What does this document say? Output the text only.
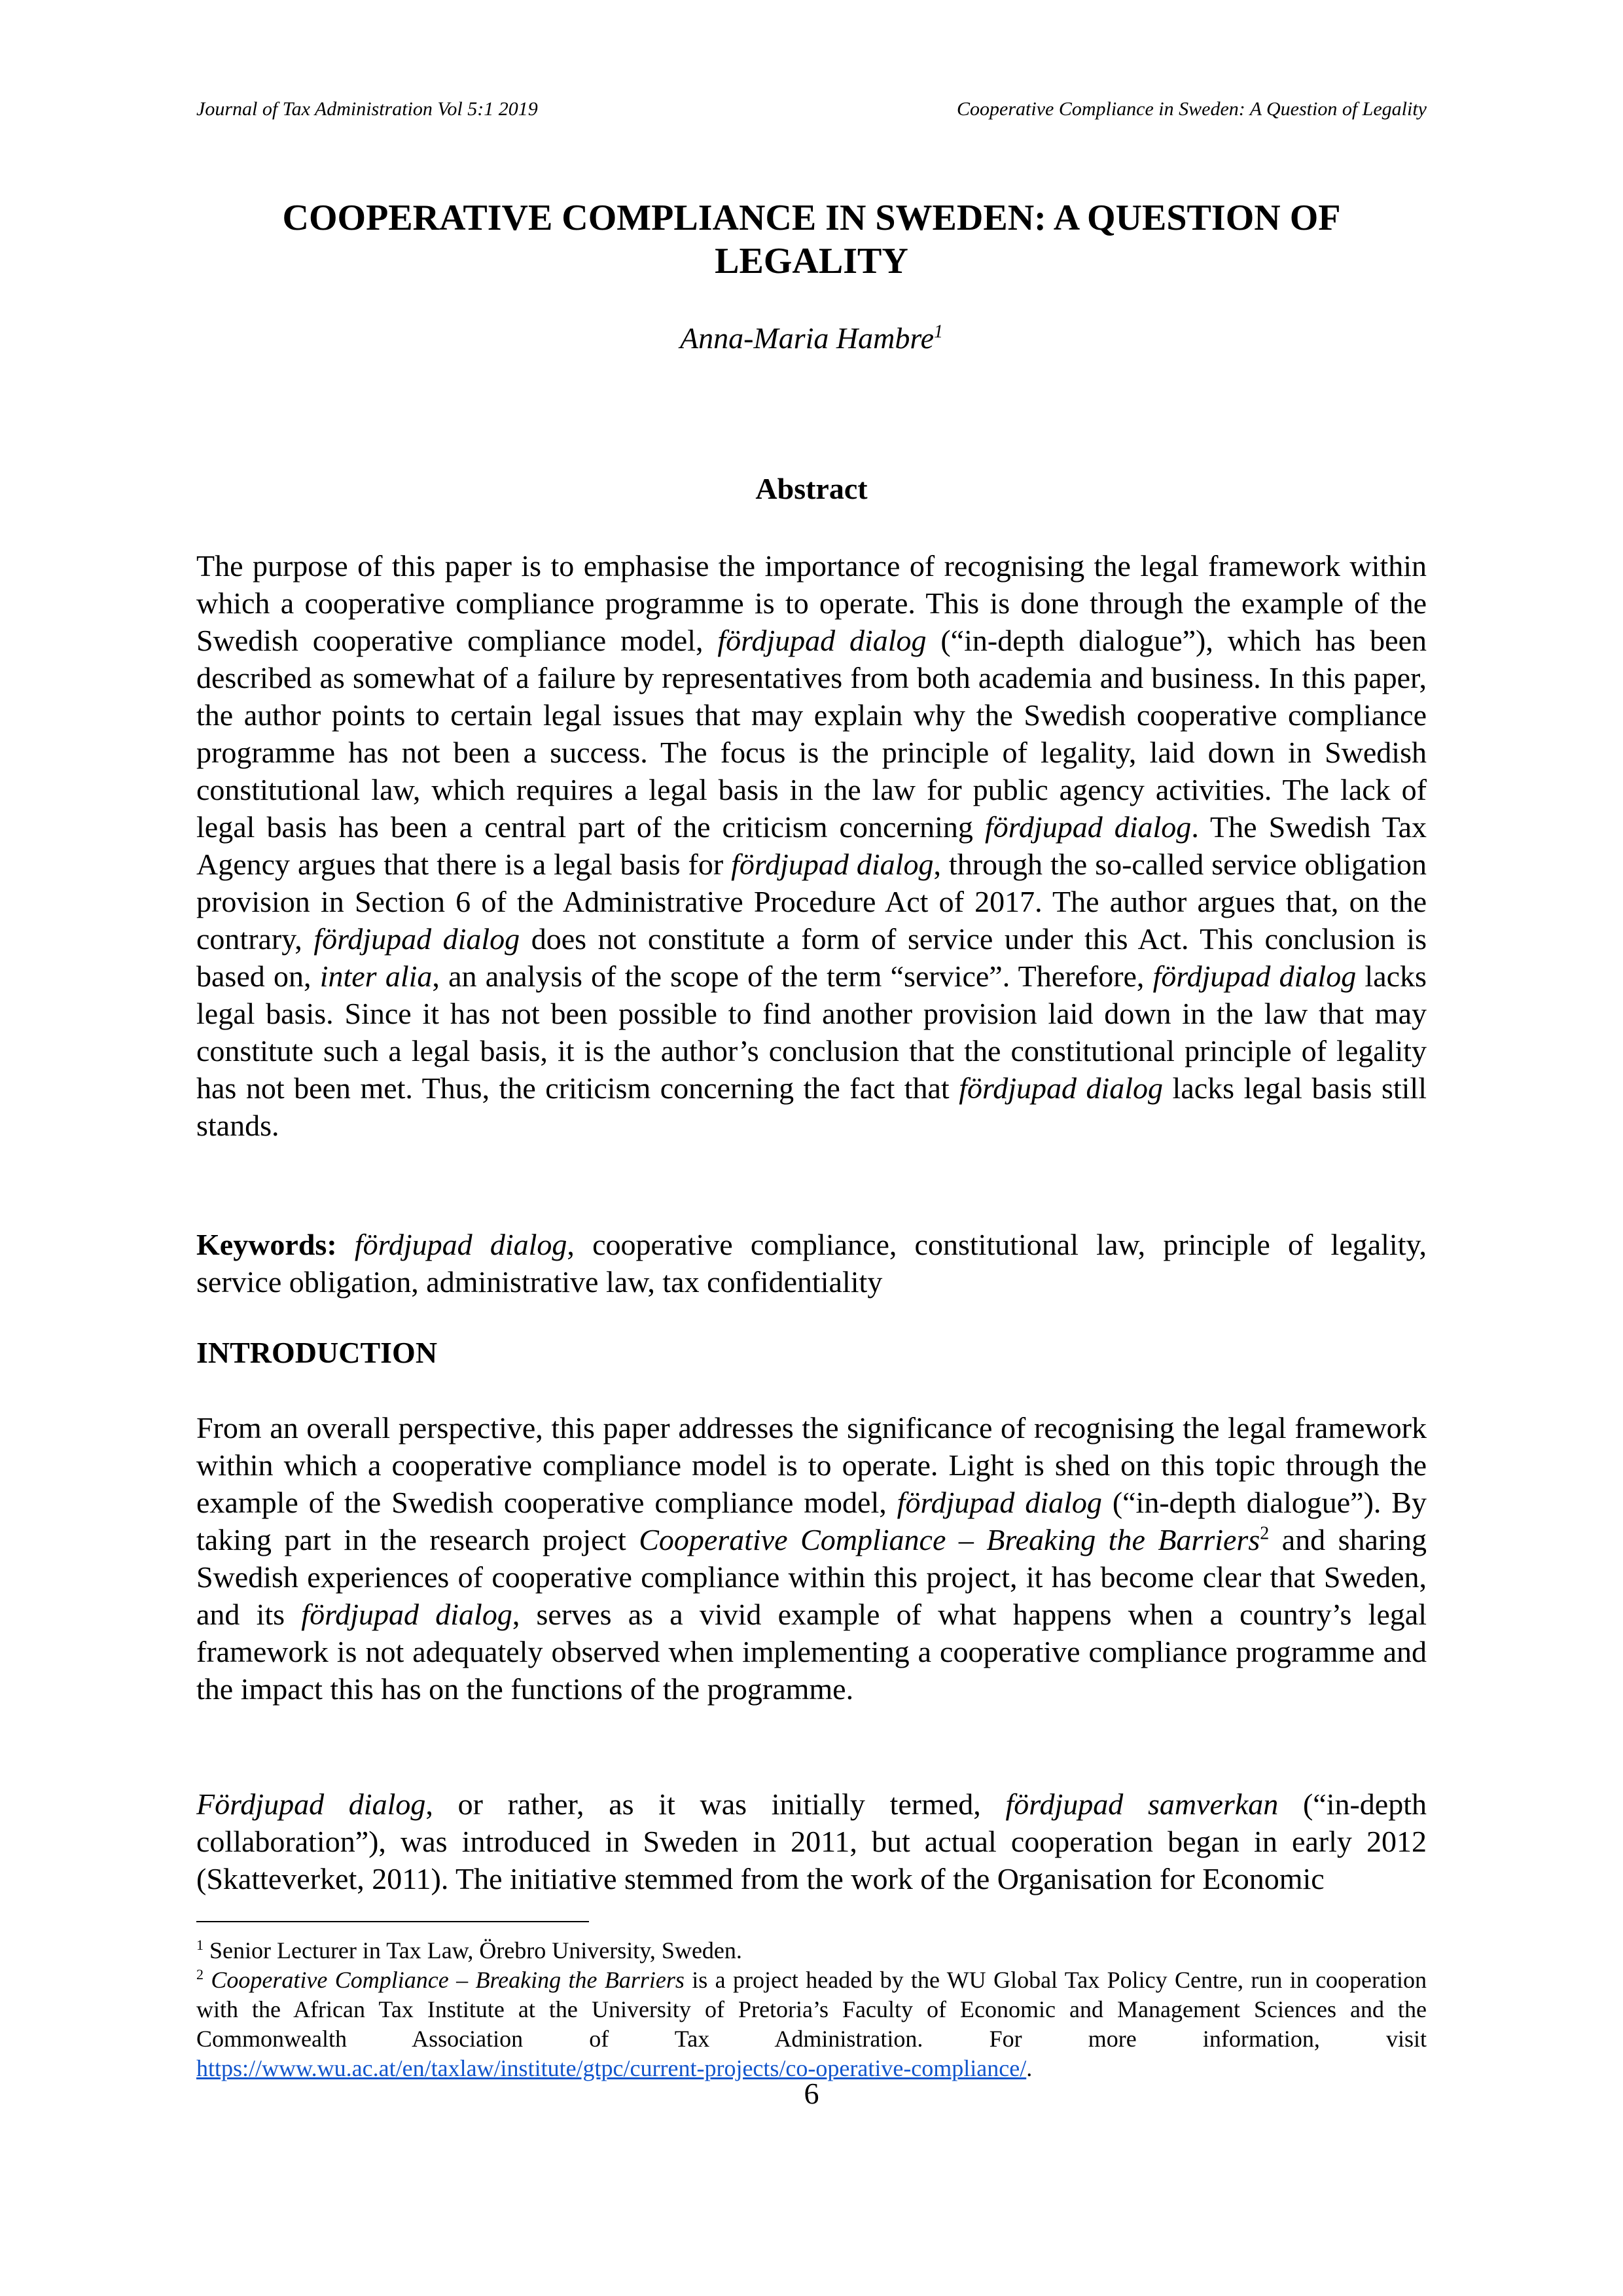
Journal of Tax Administration Vol 5:1 2019	Cooperative Compliance in Sweden: A Question of Legality
COOPERATIVE COMPLIANCE IN SWEDEN: A QUESTION OF LEGALITY
Anna-Maria Hambre$^1$
Abstract

The purpose of this paper is to emphasise the importance of recognising the legal framework within which a cooperative compliance programme is to operate. This is done through the example of the Swedish cooperative compliance model, fördjupad dialog (“in-depth dialogue”), which has been described as somewhat of a failure by representatives from both academia and business. In this paper, the author points to certain legal issues that may explain why the Swedish cooperative compliance programme has not been a success. The focus is the principle of legality, laid down in Swedish constitutional law, which requires a legal basis in the law for public agency activities. The lack of legal basis has been a central part of the criticism concerning fördjupad dialog. The Swedish Tax Agency argues that there is a legal basis for fördjupad dialog, through the so-called service obligation provision in Section 6 of the Administrative Procedure Act of 2017. The author argues that, on the contrary, fördjupad dialog does not constitute a form of service under this Act. This conclusion is based on, inter alia, an analysis of the scope of the term “service”. Therefore, fördjupad dialog lacks legal basis. Since it has not been possible to find another provision laid down in the law that may constitute such a legal basis, it is the author’s conclusion that the constitutional principle of legality has not been met. Thus, the criticism concerning the fact that fördjupad dialog lacks legal basis still stands.

Keywords: fördjupad dialog, cooperative compliance, constitutional law, principle of legality, service obligation, administrative law, tax confidentiality

INTRODUCTION

From an overall perspective, this paper addresses the significance of recognising the legal framework within which a cooperative compliance model is to operate. Light is shed on this topic through the example of the Swedish cooperative compliance model, fördjupad dialog (“in-depth dialogue”). By taking part in the research project Cooperative Compliance – Breaking the Barriers$^2$ and sharing Swedish experiences of cooperative compliance within this project, it has become clear that Sweden, and its fördjupad dialog, serves as a vivid example of what happens when a country’s legal framework is not adequately observed when implementing a cooperative compliance programme and the impact this has on the functions of the programme.

Fördjupad dialog, or rather, as it was initially termed, fördjupad samverkan (“in-depth collaboration”), was introduced in Sweden in 2011, but actual cooperation began in early 2012 (Skatteverket, 2011). The initiative stemmed from the work of the Organisation for Economic

$^1$ Senior Lecturer in Tax Law, Örebro University, Sweden.

$^2$ Cooperative Compliance – Breaking the Barriers is a project headed by the WU Global Tax Policy Centre, run in cooperation with the African Tax Institute at the University of Pretoria’s Faculty of Economic and Management Sciences and the Commonwealth Association of Tax Administration. For more information, visit https://www.wu.ac.at/en/taxlaw/institute/gtpc/current-projects/co-operative-compliance/.

6
